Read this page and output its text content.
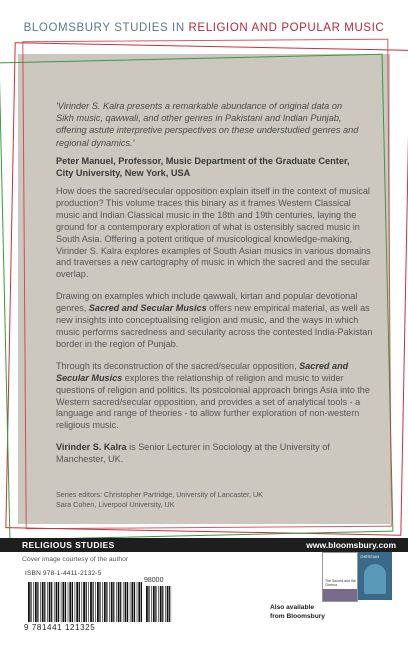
BLOOMSBURY STUDIES IN RELIGION AND POPULAR MUSIC
'Virinder S. Kalra presents a remarkable abundance of original data on Sikh music, qawwali, and other genres in Pakistani and Indian Punjab, offering astute interpretive perspectives on these understudied genres and regional dynamics.'
Peter Manuel, Professor, Music Department of the Graduate Center, City University, New York, USA

How does the sacred/secular opposition explain itself in the context of musical production? This volume traces this binary as it frames Western Classical music and Indian Classical music in the 18th and 19th centuries, laying the ground for a contemporary exploration of what is ostensibly sacred music in South Asia. Offering a potent critique of musicological knowledge-making, Virinder S. Kalra explores examples of South Asian musics in various domains and traverses a new cartography of music in which the sacred and the secular overlap.

Drawing on examples which include qawwali, kirtan and popular devotional genres, Sacred and Secular Musics offers new empirical material, as well as new insights into conceptualising religion and music, and the ways in which music performs sacredness and secularity across the contested India-Pakistan border in the region of Punjab.

Through its deconstruction of the sacred/secular opposition, Sacred and Secular Musics explores the relationship of religion and music to wider questions of religion and politics. Its postcolonial approach brings Asia into the Western sacred/secular opposition, and provides a set of analytical tools - a language and range of theories - to allow further exploration of non-western religious music.

Virinder S. Kalra is Senior Lecturer in Sociology at the University of Manchester, UK.

Series editors: Christopher Partridge, University of Lancaster, UK
Sara Cohen, Liverpool University, UK
RELIGIOUS STUDIES	www.bloomsbury.com
Cover image courtesy of the author
ISBN 978-1-4411-2132-5
98000
9 781441 121325
Also available
from Bloomsbury
The Sacred and the Cinema
CHRISTIAN
